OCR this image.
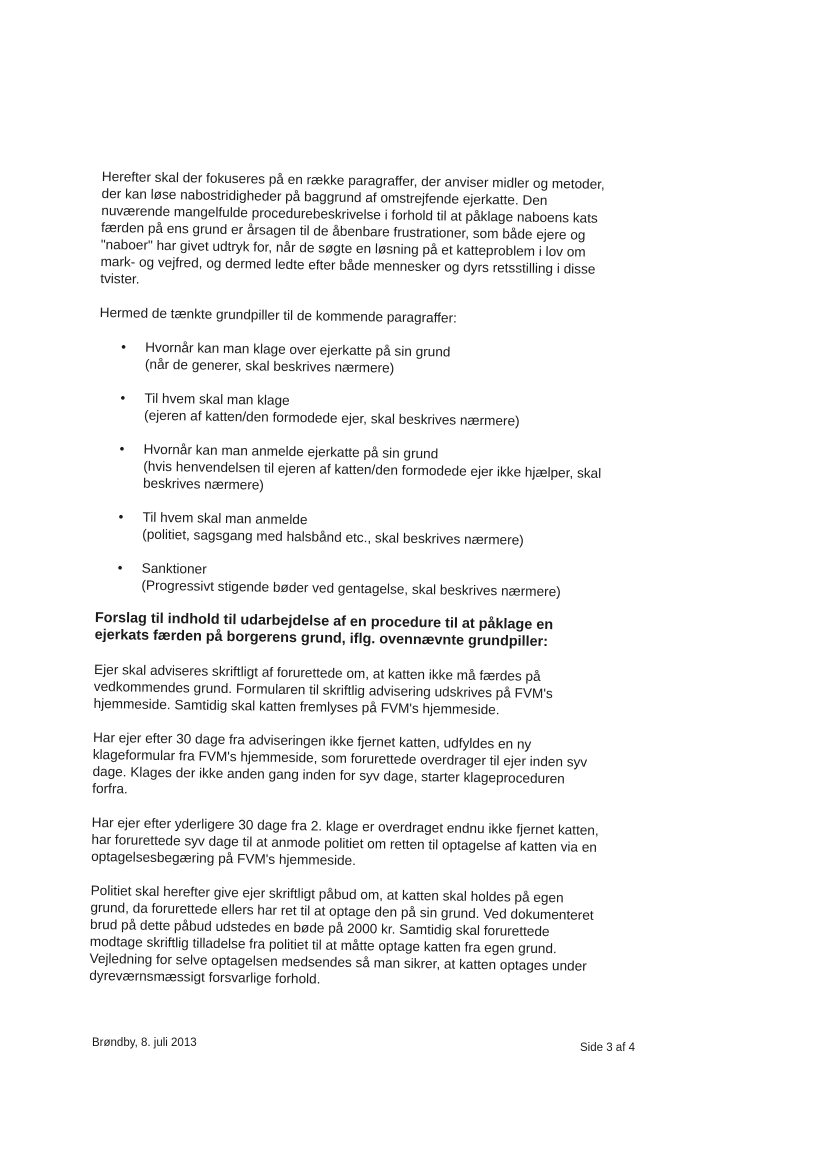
Herefter skal der fokuseres på en række paragraffer, der anviser midler og metoder, der kan løse nabostridigheder på baggrund af omstrejfende ejerkatte. Den nuværende mangelfulde procedurebeskrivelse i forhold til at påklage naboens kats færden på ens grund er årsagen til de åbenbare frustrationer, som både ejere og "naboer" har givet udtryk for, når de søgte en løsning på et katteproblem i lov om mark- og vejfred, og dermed ledte efter både mennesker og dyrs retsstilling i disse tvister.

Hermed de tænkte grundpiller til de kommende paragraffer:

• Hvornår kan man klage over ejerkatte på sin grund
(når de generer, skal beskrives nærmere)
• Til hvem skal man klage
(ejeren af katten/den formodede ejer, skal beskrives nærmere)
• Hvornår kan man anmelde ejerkatte på sin grund
(hvis henvendelsen til ejeren af katten/den formodede ejer ikke hjælper, skal beskrives nærmere)
• Til hvem skal man anmelde
(politiet, sagsgang med halsbånd etc., skal beskrives nærmere)
• Sanktioner
(Progressivt stigende bøder ved gentagelse, skal beskrives nærmere)

Forslag til indhold til udarbejdelse af en procedure til at påklage en ejerkats færden på borgerens grund, iflg. ovennævnte grundpiller:

Ejer skal adviseres skriftligt af forurettede om, at katten ikke må færdes på vedkommendes grund. Formularen til skriftlig advisering udskrives på FVM's hjemmeside. Samtidig skal katten fremlyses på FVM's hjemmeside.

Har ejer efter 30 dage fra adviseringen ikke fjernet katten, udfyldes en ny klageformular fra FVM's hjemmeside, som forurettede overdrager til ejer inden syv dage. Klages der ikke anden gang inden for syv dage, starter klageproceduren forfra.

Har ejer efter yderligere 30 dage fra 2. klage er overdraget endnu ikke fjernet katten, har forurettede syv dage til at anmode politiet om retten til optagelse af katten via en optagelsesbegæring på FVM's hjemmeside.

Politiet skal herefter give ejer skriftligt påbud om, at katten skal holdes på egen grund, da forurettede ellers har ret til at optage den på sin grund. Ved dokumenteret brud på dette påbud udstedes en bøde på 2000 kr. Samtidig skal forurettede modtage skriftlig tilladelse fra politiet til at måtte optage katten fra egen grund. Vejledning for selve optagelsen medsendes så man sikrer, at katten optages under dyreværnsmæssigt forsvarlige forhold.

Brøndby, 8. juli 2013	Side 3 af 4
